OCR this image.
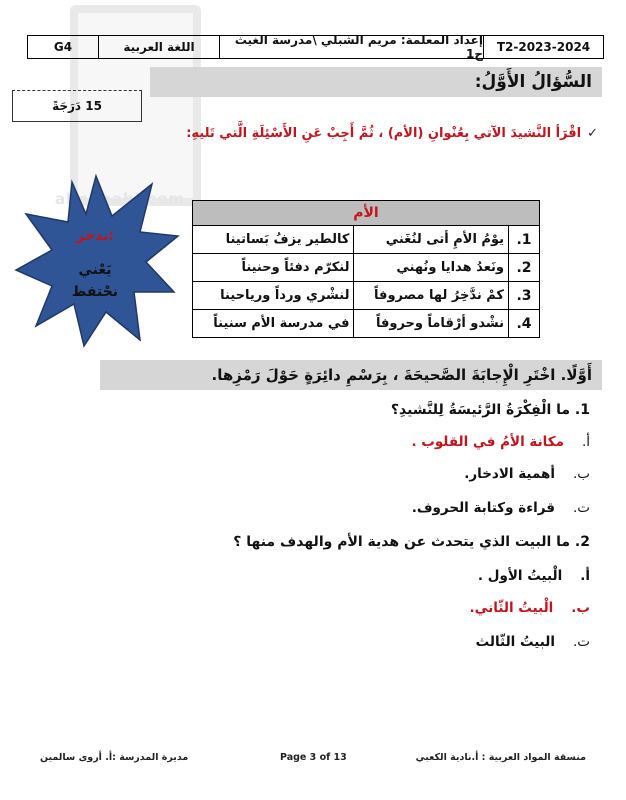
almanahj.com
G4	اللغة العربية	إعداد المعلمة: مريم الشبلي \مدرسة الغيث ح1	T2-2023-2024
السُّؤالُ الأَوَّلُ:
15 دَرَجَةً
✓اقْرَأ النَّشيدَ الآتي بِعُنْوانِ (الأم) ، ثُمَّ أَجِبْ عَنِ الأَسْئِلَةِ الَّتي تَليهِ:
ندخر:
يَعْني
نحْتفظ
الأم		
1.	يوْمُ الأمِ أتى لنُغَني	كالطير يزفُ بَساتينا
2.	ونَعدُ هدايا ونُهني	لنكرّم دفئاً وحنيناً
3.	كمْ ندَّخِرُ لها مصروفاً	لنشْري ورداً ورياحينا
4.	نشْدو أرْقاماً وحروفاً	في مدرسة الأم سنيناً
أَوَّلًا. اخْتَرِ الْإِجابَةَ الصَّحيحَةَ ، بِرَسْمِ دائِرَةٍ حَوْلَ رَمْزِها.
1. ما الْفِكْرَةُ الرَّئيسَةُ لِلنَّشيدِ؟
أ.مكانة الأمُ في القلوب .
ب.أهمية الادخار.
ت.قراءة وكتابة الحروف.
2. ما البيت الذي يتحدث عن هدية الأم والهدف منها ؟
أ.الْبيتُ الأول .
ب.الْبيتُ الثّاني.
ت.البيتُ الثّالث
منسقة المواد العربية : أ.نادية الكعبي
Page 3 of 13
مديرة المدرسة :أ. أروى سالمين
